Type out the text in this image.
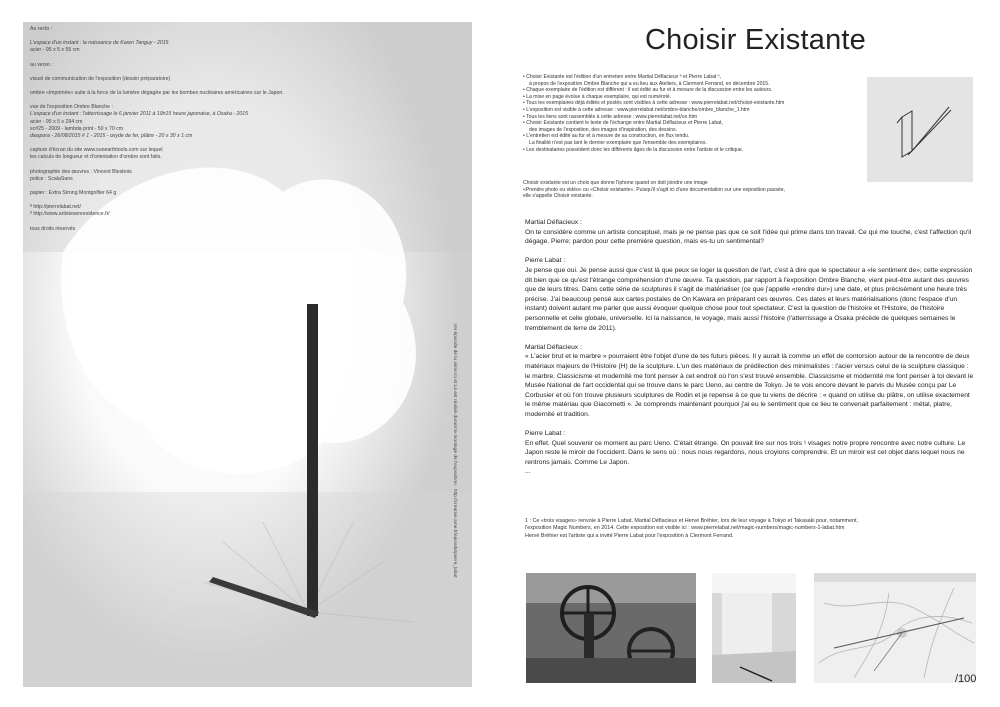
Au recto :
L'espace d'un instant : la naissance de Karen Tanguy - 2015
acier - 95 x 5 x 55 cm
au verso :
visuel de communication de l'exposition (dessin préparatoire)
ombre «imprimée» suite à la force de la lumière dégagée par les bombes nucléaires américaines sur le Japon.
vue de l'exposition Ombre Blanche :
L'espace d'un instant : l'atterrissage le 6 janvier 2011 à 19h15 heure japonaise, à Osaka - 2015
acier - 95 x 5 x 294 cm
sc#25 - 2009 - lambda print - 50 x 70 cm
diaspora - 26/08/2015 # 1 - 2015 - oxyde de fer, plâtre - 20 x 30 x 1 cm
capture d'écran du site www.sunearthtools.com sur lequel
les calculs de longueur et d'orientation d'ombre sont faits.
photographie des œuvres : Vincent Blesbois
police : ScalaSans
papier : Extra Strong Montgolfier 64 g
ª http://pierrelabat.net/
º http://www.artistesenresidence.fr/
tous droits réservés
Un épisode de la série Ici et Là est réalisé durant le montage de l'exposition · http://creative.ame.fr/episode/pierre_labat
Choisir Existante
• Choisir Existante est l'édition d'un entretien entre Martial Déflacieux ª et Pierre Labat º,
à propos de l'exposition Ombre Blanche qui a eu lieu aux Ateliers, à Clermont Ferrand, en décembre 2015.
• Chaque exemplaire de l'édition est différent : il est édité au fur et à mesure de la discussion entre les auteurs.
• La mise en page évolue à chaque exemplaire, qui est numéroté.
• Tous les exemplaires déjà édités et postés sont visibles à cette adresse : www.pierrelabat.net/choisir-existante.htm
• L'exposition est visible à cette adresse : www.pierrelabat.net/ombre-blanche/ombre_blanche_1.htm
• Tous les liens sont rassemblés à cette adresse : www.pierrelabat.net/ce.htm
• Choisir Existante contient le texte de l'échange entre Martial Déflacieux et Pierre Labat,
des images de l'exposition, des images d'inspiration, des dessins.
• L'entretien est édité au fur et à mesure de sa construction, en flux tendu.
La finalité n'est pas tant le dernier exemplaire que l'ensemble des exemplaires.
• Les destinataires possèdent donc les différents âges de la discussion entre l'artiste et le critique.
Choisir existante est un choix que donne l'iphone quand on doit joindre une image
«Prendre photo ou vidéo» ou «Choisir existante». Puisqu'il s'agit ici d'une documentation sur une exposition passée,
elle s'appelle Choisir existante.

Martial Déflacieux :

On te considère comme un artiste conceptuel, mais je ne pense pas que ce soit l'idée qui prime dans ton travail. Ce qui me touche, c'est l'affection qu'il dégage. Pierre; pardon pour cette première question, mais es-tu un sentimental?

Pierre Labat :

Je pense que oui. Je pense aussi que c'est là que peux se loger la question de l'art, c'est à dire que le spectateur a «le sentiment de»; cette expression dit bien que ce qu'est l'étrange compréhension d'une œuvre. Ta question, par rapport à l'exposition Ombre Blanche, vient peut-être autant des œuvres que de leurs titres. Dans cette série de sculptures il s'agit de matérialiser (ce que j'appelle «rendre dur») une date, et plus précisément une heure très précise. J'ai beaucoup pensé aux cartes postales de On Kawara en préparant ces œuvres. Ces dates et leurs matérialisations (donc l'espace d'un instant) doivent autant me parler que aussi évoquer quelque chose pour tout spectateur. C'est la question de l'histoire et l'Histoire, de l'histoire personnelle et celle globale, universelle. Ici la naissance, le voyage, mais aussi l'histoire (l'atterrissage a Osaka précède de quelques semaines le tremblement de terre de 2011).

Martial Déflacieux :

« L'acier brut et le marbre » pourraient être l'objet d'une de tes futurs pièces. Il y aurait là comme un effet de contorsion autour de la rencontre de deux matériaux majeurs de l'Histoire (H) de la sculpture. L'un des matériaux de prédilection des minimalistes : l'acier versus celui de la sculpture classique : le marbre. Classicisme et modernité me font penser à cet endroit où l'on s'est trouvé ensemble. Classicisme et modernité me font penser à toi devant le Musée National de l'art occidental qui se trouve dans le parc Ueno, au centre de Tokyo. Je te vois encore devant le parvis du Musée conçu par Le Corbusier et où l'on trouve plusieurs sculptures de Rodin et je repense à ce que tu viens de décrire : « quand on utilise du plâtre, on utilise exactement le même matériau que Giacometti ». Je comprends maintenant pourquoi j'ai eu le sentiment que ce lieu te convenait parfaitement : métal, platre, modernité et tradition.

Pierre Labat :

En effet. Quel souvenir ce moment au parc Ueno. C'était étrange. On pouvait lire sur nos trois ¹ visages notre propre rencontre avec notre culture. Le Japon reste le miroir de l'occident. Dans le sens où : nous nous regardons, nous croyions comprendre. Et un miroir est cet objet dans lequel nous ne rentrons jamais. Comme Le Japon.

...

1 : Ce «trois visages» renvoie à Pierre Labat, Martial Déflacieux et Hervé Bréhier, lors de leur voyage à Tokyo et Takasaki pour, notamment,
l'exposition Magic Numbers, en 2014. Cette exposition est visible ici : www.pierrelabat.net/magic-numbers/magic-numbers-1-labat.htm
Hervé Bréhier est l'artiste qui a invité Pierre Labat pour l'exposition à Clermont Ferrand.
/100
